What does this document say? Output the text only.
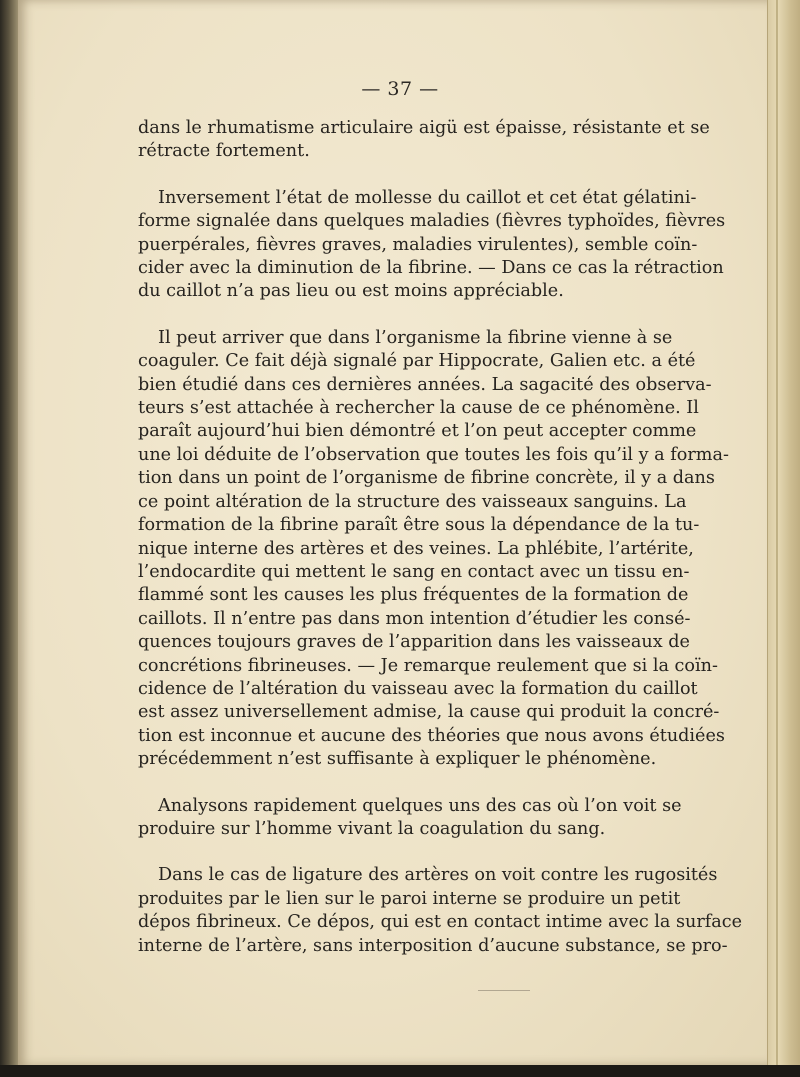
— 37 —
dans le rhumatisme articulaire aigü est épaisse, résistante et se
rétracte fortement.
Inversement l’état de mollesse du caillot et cet état gélatini-
forme signalée dans quelques maladies (fièvres typhoïdes, fièvres
puerpérales, fièvres graves, maladies virulentes), semble coïn-
cider avec la diminution de la fibrine. — Dans ce cas la rétraction
du caillot n’a pas lieu ou est moins appréciable.
Il peut arriver que dans l’organisme la fibrine vienne à se
coaguler. Ce fait déjà signalé par Hippocrate, Galien etc. a été
bien étudié dans ces dernières années. La sagacité des observa-
teurs s’est attachée à rechercher la cause de ce phénomène. Il
paraît aujourd’hui bien démontré et l’on peut accepter comme
une loi déduite de l’observation que toutes les fois qu’il y a forma-
tion dans un point de l’organisme de fibrine concrète, il y a dans
ce point altération de la structure des vaisseaux sanguins. La
formation de la fibrine paraît être sous la dépendance de la tu-
nique interne des artères et des veines. La phlébite, l’artérite,
l’endocardite qui mettent le sang en contact avec un tissu en-
flammé sont les causes les plus fréquentes de la formation de
caillots. Il n’entre pas dans mon intention d’étudier les consé-
quences toujours graves de l’apparition dans les vaisseaux de
concrétions fibrineuses. — Je remarque reulement que si la coïn-
cidence de l’altération du vaisseau avec la formation du caillot
est assez universellement admise, la cause qui produit la concré-
tion est inconnue et aucune des théories que nous avons étudiées
précédemment n’est suffisante à expliquer le phénomène.
Analysons rapidement quelques uns des cas où l’on voit se
produire sur l’homme vivant la coagulation du sang.
Dans le cas de ligature des artères on voit contre les rugosités
produites par le lien sur le paroi interne se produire un petit
dépos fibrineux. Ce dépos, qui est en contact intime avec la surface
interne de l’artère, sans interposition d’aucune substance, se pro-
